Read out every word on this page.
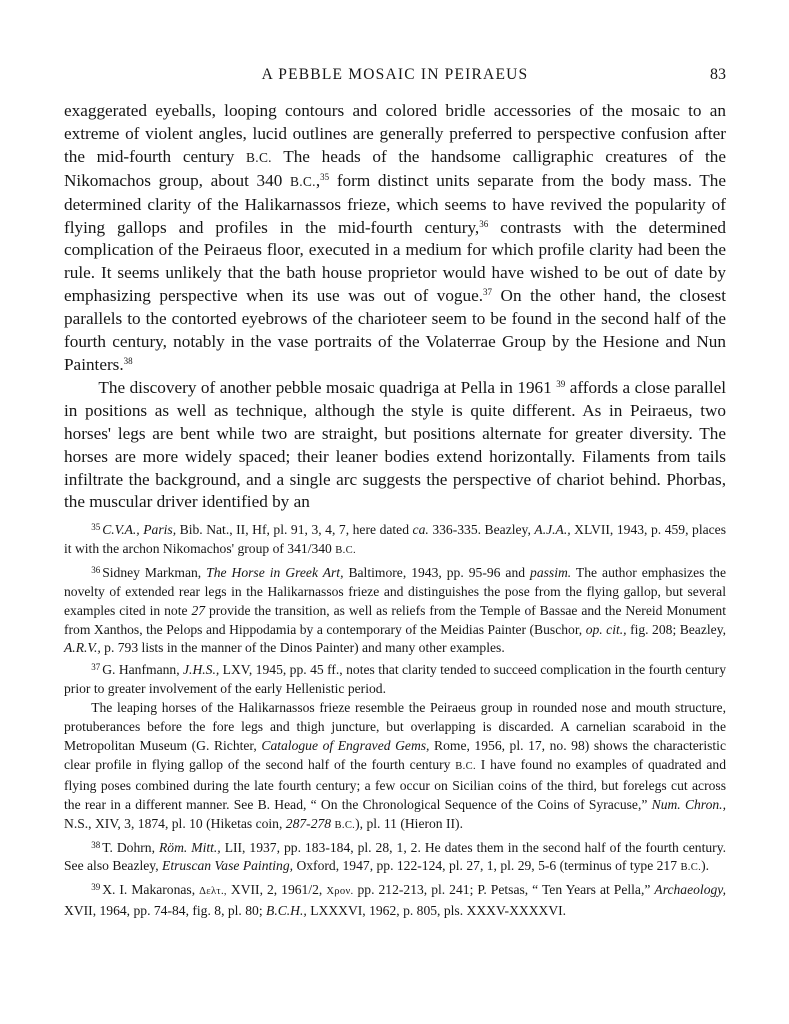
A PEBBLE MOSAIC IN PEIRAEUS	83

exaggerated eyeballs, looping contours and colored bridle accessories of the mosaic to an extreme of violent angles, lucid outlines are generally preferred to perspective confusion after the mid-fourth century B.C. The heads of the handsome calligraphic creatures of the Nikomachos group, about 340 B.C.,$^{35}$ form distinct units separate from the body mass. The determined clarity of the Halikarnassos frieze, which seems to have revived the popularity of flying gallops and profiles in the mid-fourth century,$^{36}$ contrasts with the determined complication of the Peiraeus floor, executed in a medium for which profile clarity had been the rule. It seems unlikely that the bath house proprietor would have wished to be out of date by emphasizing perspective when its use was out of vogue.$^{37}$ On the other hand, the closest parallels to the contorted eyebrows of the charioteer seem to be found in the second half of the fourth century, notably in the vase portraits of the Volaterrae Group by the Hesione and Nun Painters.$^{38}$

The discovery of another pebble mosaic quadriga at Pella in 1961 $^{39}$ affords a close parallel in positions as well as technique, although the style is quite different. As in Peiraeus, two horses' legs are bent while two are straight, but positions alternate for greater diversity. The horses are more widely spaced; their leaner bodies extend horizontally. Filaments from tails infiltrate the background, and a single arc suggests the perspective of chariot behind. Phorbas, the muscular driver identified by an

$^{35}$ C.V.A., Paris, Bib. Nat., II, Hf, pl. 91, 3, 4, 7, here dated ca. 336-335. Beazley, A.J.A., XLVII, 1943, p. 459, places it with the archon Nikomachos' group of 341/340 B.C.

$^{36}$ Sidney Markman, The Horse in Greek Art, Baltimore, 1943, pp. 95-96 and passim. The author emphasizes the novelty of extended rear legs in the Halikarnassos frieze and distinguishes the pose from the flying gallop, but several examples cited in note 27 provide the transition, as well as reliefs from the Temple of Bassae and the Nereid Monument from Xanthos, the Pelops and Hippodamia by a contemporary of the Meidias Painter (Buschor, op. cit., fig. 208; Beazley, A.R.V., p. 793 lists in the manner of the Dinos Painter) and many other examples.

$^{37}$ G. Hanfmann, J.H.S., LXV, 1945, pp. 45 ff., notes that clarity tended to succeed complication in the fourth century prior to greater involvement of the early Hellenistic period.

The leaping horses of the Halikarnassos frieze resemble the Peiraeus group in rounded nose and mouth structure, protuberances before the fore legs and thigh juncture, but overlapping is discarded. A carnelian scaraboid in the Metropolitan Museum (G. Richter, Catalogue of Engraved Gems, Rome, 1956, pl. 17, no. 98) shows the characteristic clear profile in flying gallop of the second half of the fourth century B.C. I have found no examples of quadrated and flying poses combined during the late fourth century; a few occur on Sicilian coins of the third, but forelegs cut across the rear in a different manner. See B. Head, “ On the Chronological Sequence of the Coins of Syracuse,” Num. Chron., N.S., XIV, 3, 1874, pl. 10 (Hiketas coin, 287-278 B.C.), pl. 11 (Hieron II).

$^{38}$ T. Dohrn, Röm. Mitt., LII, 1937, pp. 183-184, pl. 28, 1, 2. He dates them in the second half of the fourth century. See also Beazley, Etruscan Vase Painting, Oxford, 1947, pp. 122-124, pl. 27, 1, pl. 29, 5-6 (terminus of type 217 B.C.).

$^{39}$ X. I. Makaronas, Δελτ., XVII, 2, 1961/2, Χρον. pp. 212-213, pl. 241; P. Petsas, “ Ten Years at Pella,” Archaeology, XVII, 1964, pp. 74-84, fig. 8, pl. 80; B.C.H., LXXXVI, 1962, p. 805, pls. XXXV-XXXXVI.
